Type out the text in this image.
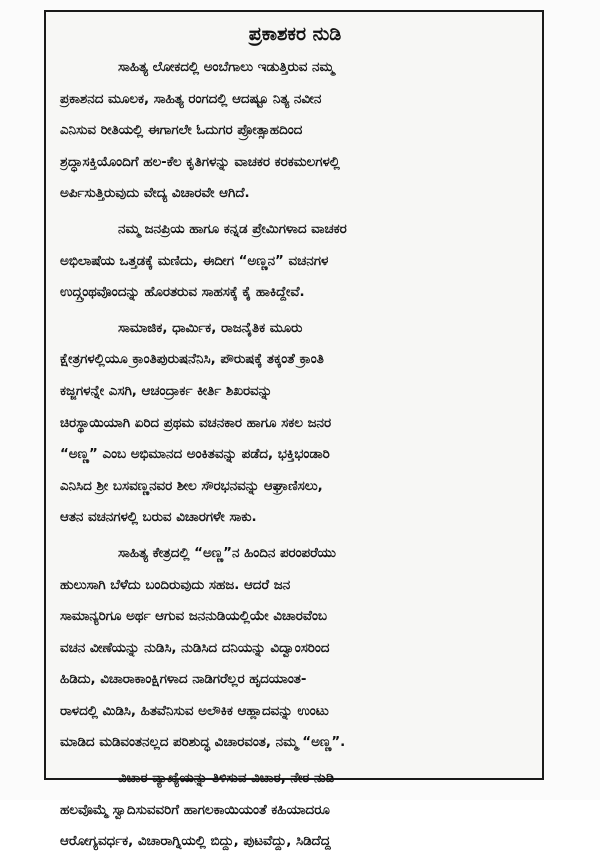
ಪ್ರಕಾಶಕರ ನುಡಿ
ಸಾಹಿತ್ಯ ಲೋಕದಲ್ಲಿ ಅಂಬೆಗಾಲು ಇಡುತ್ತಿರುವ ನಮ್ಮ
ಪ್ರಕಾಶನದ ಮೂಲಕ, ಸಾಹಿತ್ಯ ರಂಗದಲ್ಲಿ ಆದಷ್ಟೂ ನಿತ್ಯ ನವೀನ
ಎನಿಸುವ ರೀತಿಯಲ್ಲಿ ಈಗಾಗಲೇ ಓದುಗರ ಪ್ರೋತ್ಸಾಹದಿಂದ
ಶ್ರದ್ಧಾಸಕ್ತಿಯೊಂದಿಗೆ ಹಲ-ಕೆಲ ಕೃತಿಗಳನ್ನು ವಾಚಕರ ಕರಕಮಲಗಳಲ್ಲಿ
ಅರ್ಪಿಸುತ್ತಿರುವುದು ವೇದ್ಯ ವಿಚಾರವೇ ಆಗಿದೆ.
ನಮ್ಮ ಜನಪ್ರಿಯ ಹಾಗೂ ಕನ್ನಡ ಪ್ರೇಮಿಗಳಾದ ವಾಚಕರ
ಅಭಿಲಾಷೆಯ ಒತ್ತಡಕ್ಕೆ ಮಣಿದು, ಈದೀಗ “ಅಣ್ಣನ” ವಚನಗಳ
ಉದ್ಗ್ರಂಥವೊಂದನ್ನು ಹೊರತರುವ ಸಾಹಸಕ್ಕೆ ಕೈ ಹಾಕಿದ್ದೇವೆ.
ಸಾಮಾಜಿಕ, ಧಾರ್ಮಿಕ, ರಾಜನೈತಿಕ ಮೂರು
ಕ್ಷೇತ್ರಗಳಲ್ಲಿಯೂ ಕ್ರಾಂತಿಪುರುಷನೆನಿಸಿ, ಪೌರುಷಕ್ಕೆ ತಕ್ಕಂತೆ ಕ್ರಾಂತಿ
ಕಜ್ಜಗಳನ್ನೇ ಎಸಗಿ, ಆಚಂದ್ರಾರ್ಕ ಕೀರ್ತಿ ಶಿಖರವನ್ನು
ಚಿರಸ್ಥಾಯಿಯಾಗಿ ಏರಿದ ಪ್ರಥಮ ವಚನಕಾರ ಹಾಗೂ ಸಕಲ ಜನರ
“ಅಣ್ಣ” ಎಂಬ ಅಭಿಮಾನದ ಅಂಕಿತವನ್ನು ಪಡೆದ, ಭಕ್ತಿಭಂಡಾರಿ
ಎನಿಸಿದ ಶ್ರೀ ಬಸವಣ್ಣನವರ ಶೀಲ ಸೌರಭನವನ್ನು ಆಘ್ರಾಣಿಸಲು,
ಆತನ ವಚನಗಳಲ್ಲಿ ಬರುವ ವಿಚಾರಗಳೇ ಸಾಕು.
ಸಾಹಿತ್ಯ ಕೇತ್ರದಲ್ಲಿ “ಅಣ್ಣ”ನ ಹಿಂದಿನ ಪರಂಪರೆಯು
ಹುಲುಸಾಗಿ ಬೆಳೆದು ಬಂದಿರುವುದು ಸಹಜ. ಆದರೆ ಜನ
ಸಾಮಾನ್ಯರಿಗೂ ಅರ್ಥ ಆಗುವ ಜನನುಡಿಯಲ್ಲಿಯೇ ವಿಚಾರವೆಂಬ
ವಚನ ವೀಣೆಯನ್ನು ನುಡಿಸಿ, ನುಡಿಸಿದ ದನಿಯನ್ನು ವಿದ್ವಾಂಸರಿಂದ
ಹಿಡಿದು, ವಿಚಾರಾಕಾಂಕ್ಷಿಗಳಾದ ನಾಡಿಗರೆಲ್ಲರ ಹೃದಯಾಂತ-
ರಾಳದಲ್ಲಿ ಮಿಡಿಸಿ, ಹಿತವೆನಿಸುವ ಅಲೌಕಿಕ ಆಹ್ಲಾದವನ್ನು ಉಂಟು
ಮಾಡಿದ ಮಡಿವಂತನಲ್ಲದ ಪರಿಶುದ್ಧ ವಿಚಾರವಂತ, ನಮ್ಮ “ಅಣ್ಣ”.
ವಿಚಾರ ವ್ಯಾಖ್ಯೆಯನ್ನು ತಿಳಿಸುವ ವಿಚಾರ, ನೇರ ನುಡಿ
ಹಲವೊಮ್ಮೆ ಸ್ವಾದಿಸುವವರಿಗೆ ಹಾಗಲಕಾಯಿಯಂತೆ ಕಹಿಯಾದರೂ
ಆರೋಗ್ಯವರ್ಧಕ, ವಿಚಾರಾಗ್ನಿಯಲ್ಲಿ ಬಿದ್ದು, ಪುಟವೆದ್ದು, ಸಿಡಿದೆದ್ದ
